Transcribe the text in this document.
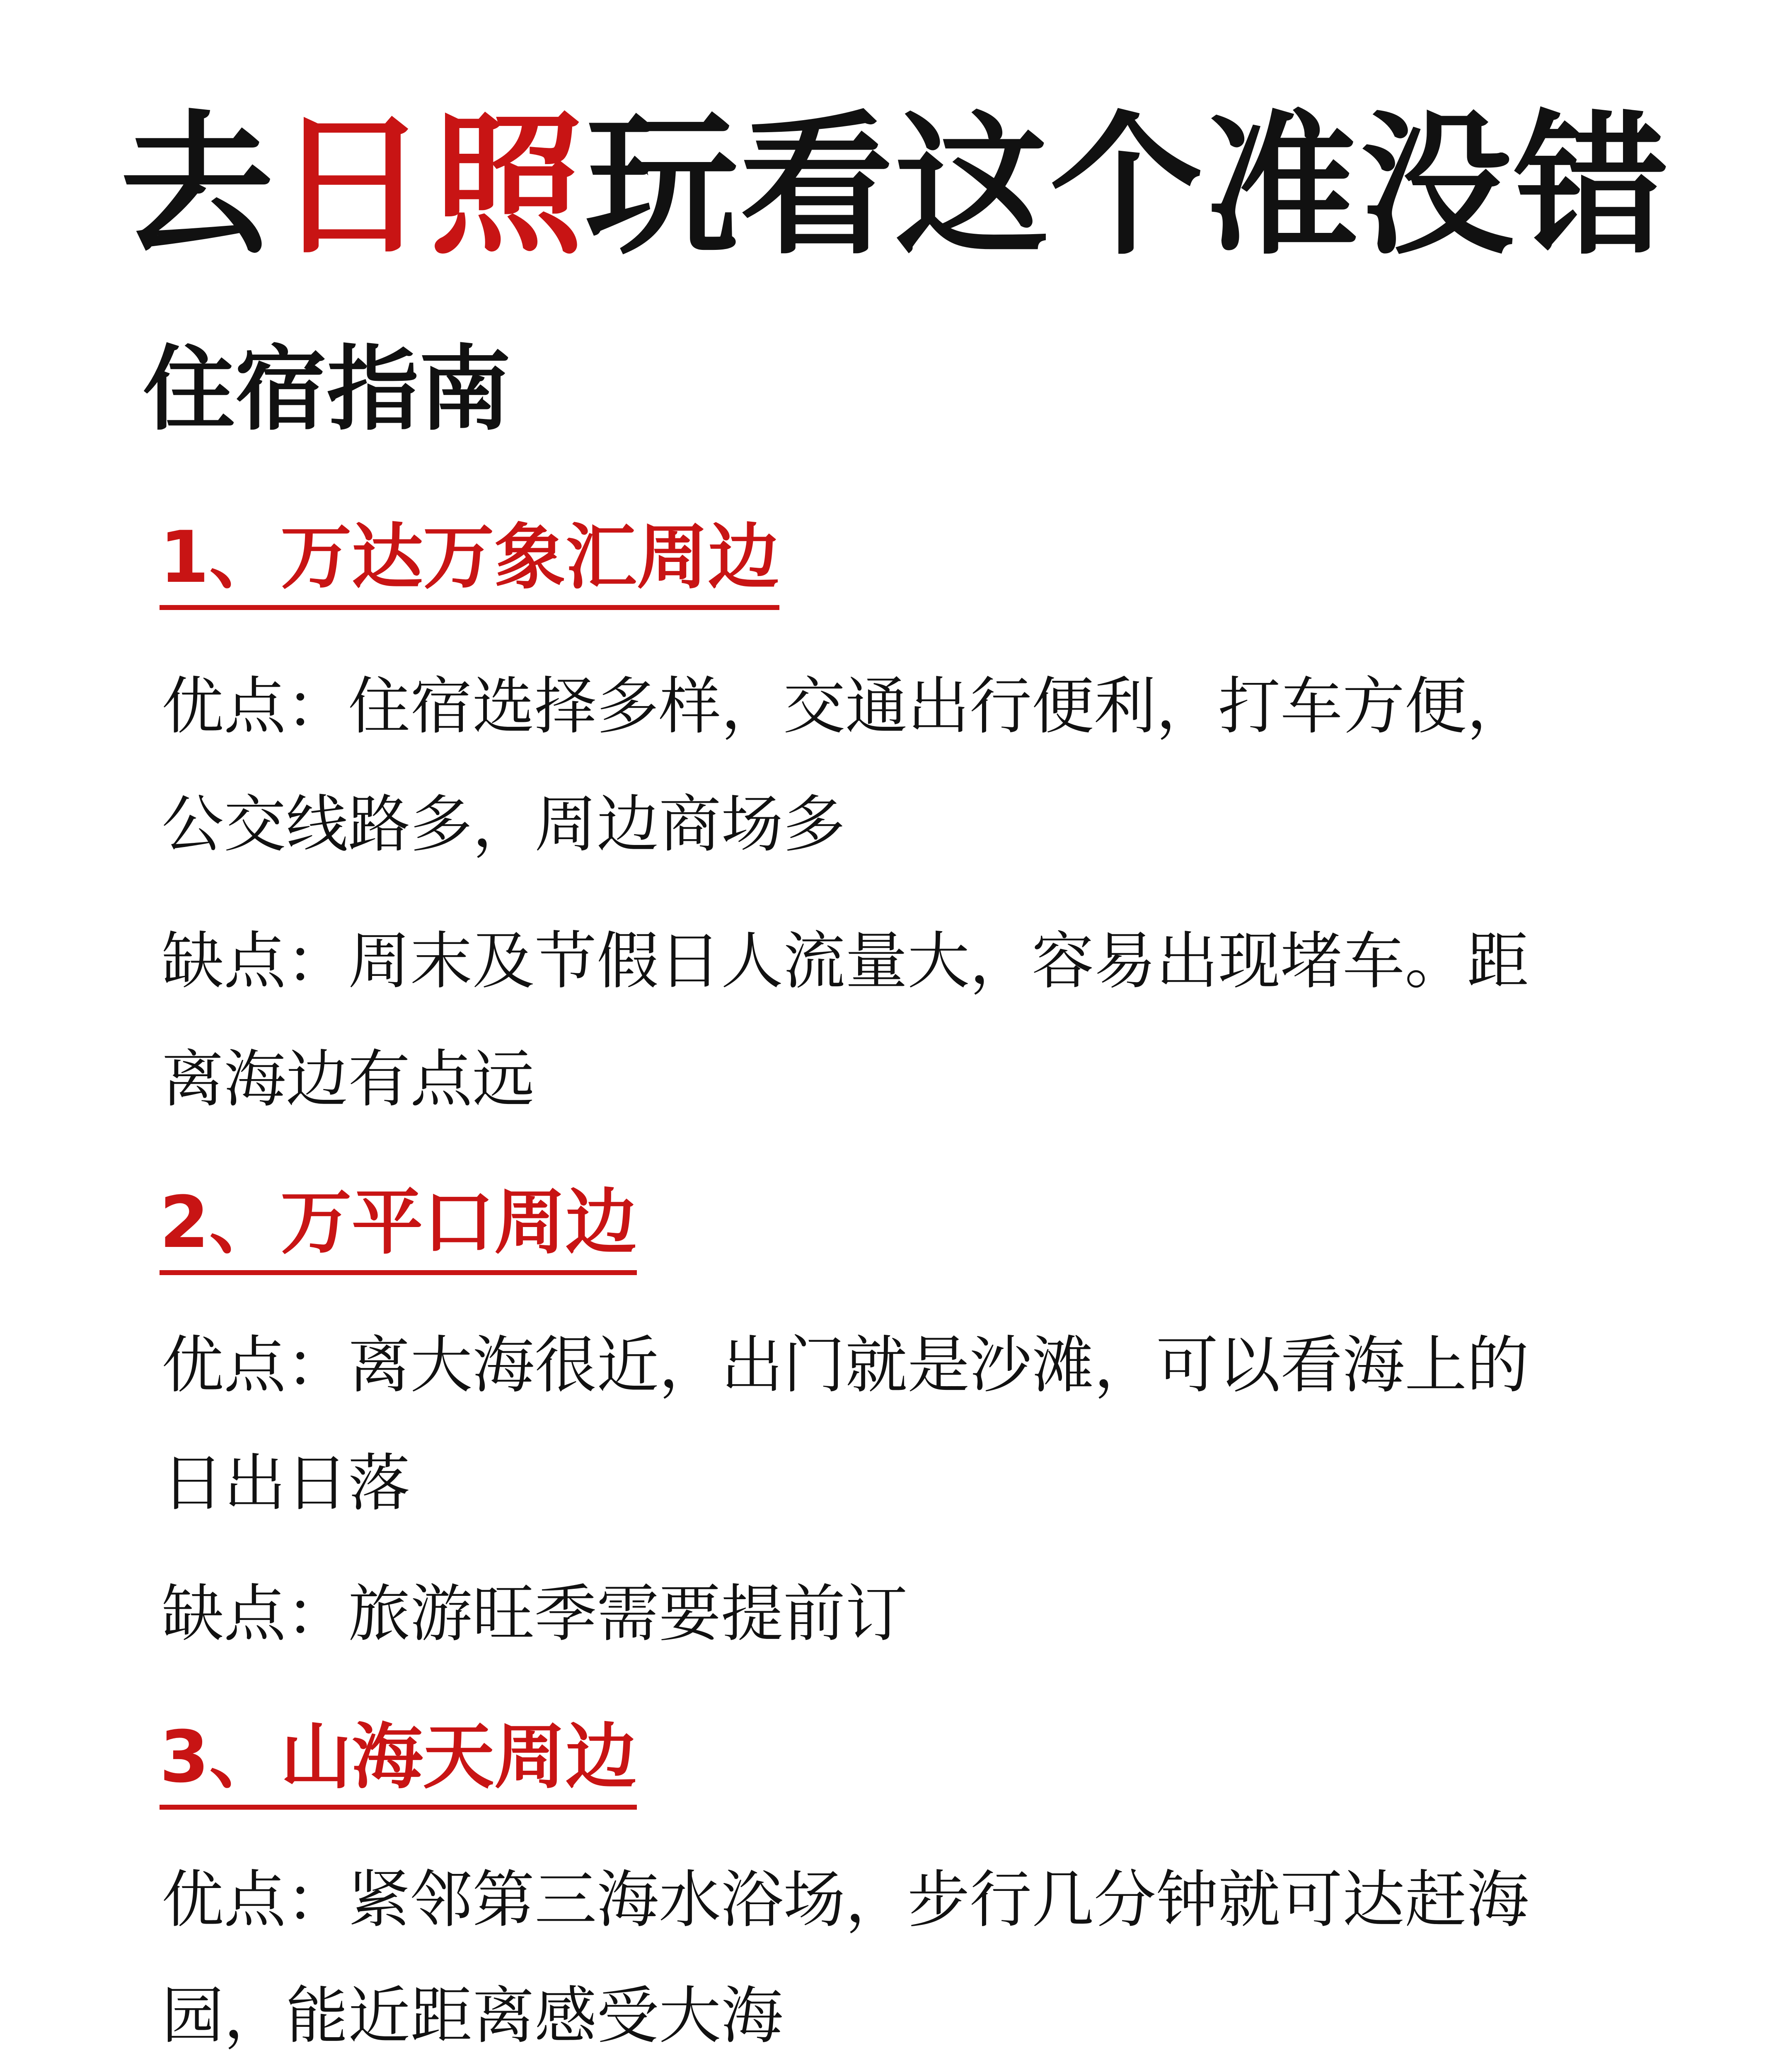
去日照玩看这个准没错
住宿指南
1、万达万象汇周边
优点：住宿选择多样，交通出行便利，打车方便，
公交线路多，周边商场多
缺点：周末及节假日人流量大，容易出现堵车。距
离海边有点远
2、万平口周边
优点：离大海很近，出门就是沙滩，可以看海上的
日出日落
缺点：旅游旺季需要提前订
3、山海天周边
优点：紧邻第三海水浴场，步行几分钟就可达赶海
园，能近距离感受大海
